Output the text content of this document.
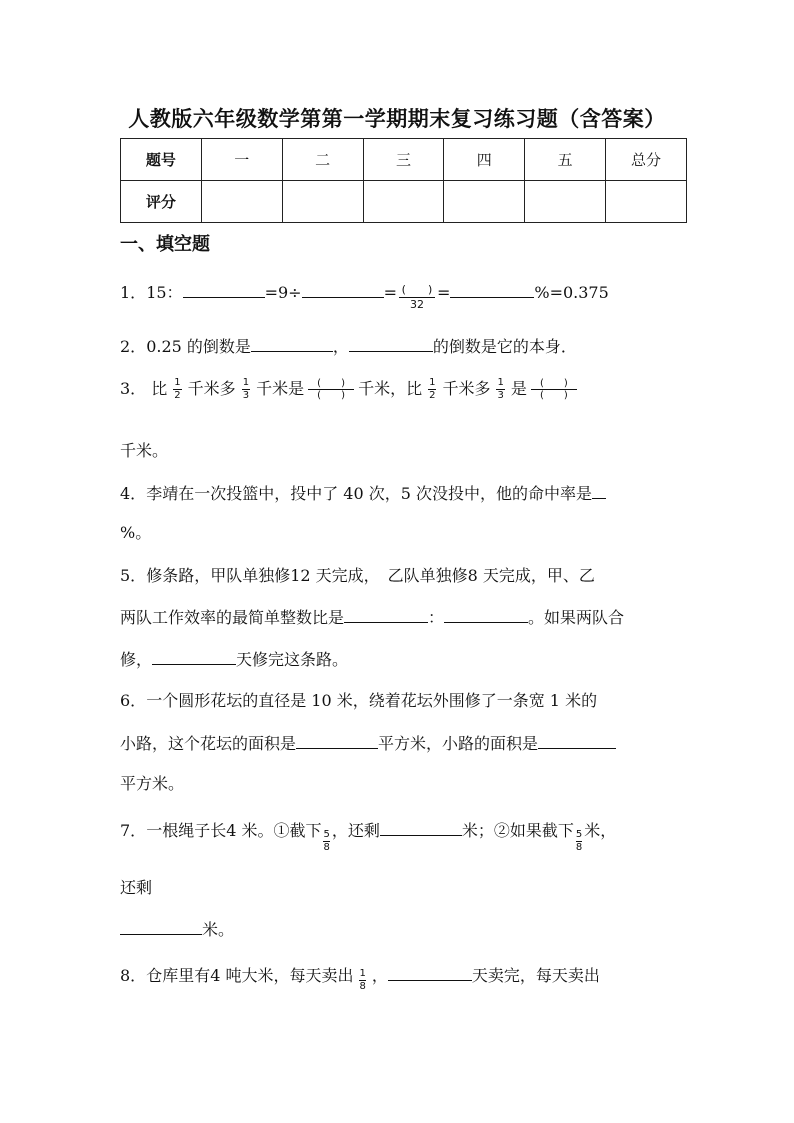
人教版六年级数学第第一学期期末复习练习题（含答案）
题号	一	二	三	四	五	总分
评分						
一、填空题
1．15：	=9÷	= (　　)
32
=	%=0.375
2．0.25 的倒数是	，	的倒数是它的本身．
3． 比 $\frac{1}{2}$ 千米多 $\frac{1}{3}$ 千米是	(　　)
(　　) 千米，比 $\frac{1}{2}$ 千米多 $\frac{1}{3}$ 是	(　　)
(　　)
千米。
4．李靖在一次投篮中，投中了 40 次，5 次没投中，他的命中率是
%。
5．修条路，甲队单独修12 天完成，　乙队单独修8 天完成，甲、乙
两队工作效率的最简单整数比是	：	。如果两队合
修，	天修完这条路。
6．一个圆形花坛的直径是 10 米，绕着花坛外围修了一条宽 1 米的
小路，这个花坛的面积是	平方米，小路的面积是
平方米。
7．一根绳子长4 米。①截下 $\frac{5}{8}$ ，还剩	米；②如果截下 $\frac{5}{8}$ 米，
还剩
米。
8．仓库里有4 吨大米，每天卖出 $\frac{1}{8}$ ，	天卖完，每天卖出
